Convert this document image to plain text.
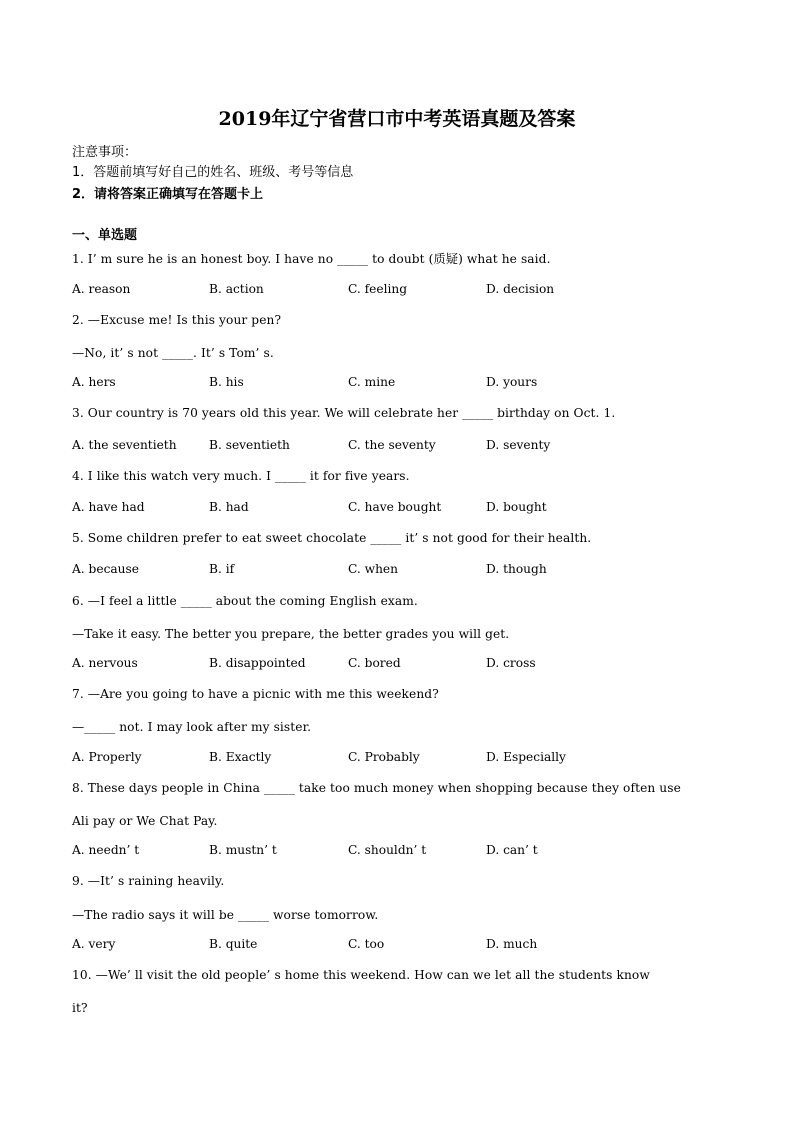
2019年辽宁省营口市中考英语真题及答案
注意事项：
1．答题前填写好自己的姓名、班级、考号等信息
2．请将答案正确填写在答题卡上
一、单选题
1. I’ m sure he is an honest boy. I have no _____ to doubt (质疑) what he said.
A. reason	B. action	C. feeling	D. decision
2. —Excuse me! Is this your pen?
—No, it’ s not _____. It’ s Tom’ s.
A. hers	B. his	C. mine	D. yours
3. Our country is 70 years old this year. We will celebrate her _____ birthday on Oct. 1.
A. the seventieth	B. seventieth	C. the seventy	D. seventy
4. I like this watch very much. I _____ it for five years.
A. have had	B. had	C. have bought	D. bought
5. Some children prefer to eat sweet chocolate _____ it’ s not good for their health.
A. because	B. if	C. when	D. though
6. —I feel a little _____ about the coming English exam.
—Take it easy. The better you prepare, the better grades you will get.
A. nervous	B. disappointed	C. bored	D. cross
7. —Are you going to have a picnic with me this weekend?
—_____ not. I may look after my sister.
A. Properly	B. Exactly	C. Probably	D. Especially
8. These days people in China _____ take too much money when shopping because they often use
Ali pay or We Chat Pay.
A. needn’ t	B. mustn’ t	C. shouldn’ t	D. can’ t
9. —It’ s raining heavily.
—The radio says it will be _____ worse tomorrow.
A. very	B. quite	C. too	D. much
10. —We’ ll visit the old people’ s home this weekend. How can we let all the students know
it?
